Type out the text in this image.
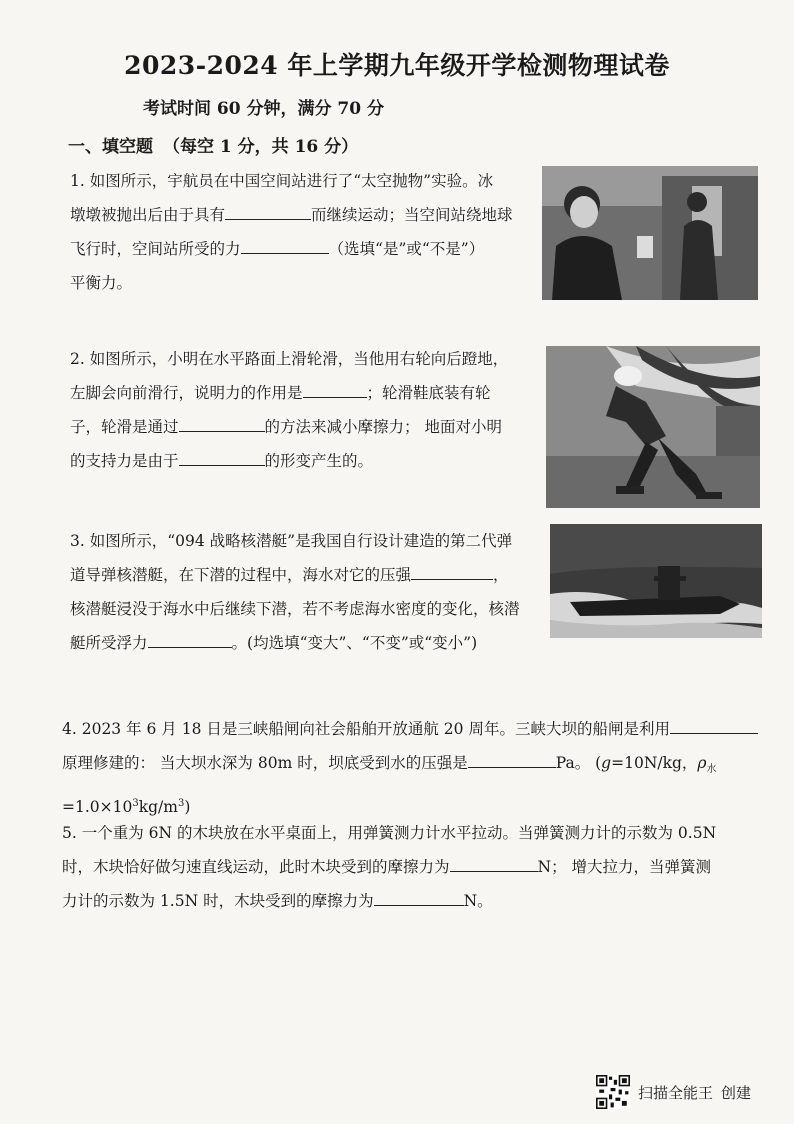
2023-2024 年上学期九年级开学检测物理试卷
考试时间 60 分钟，满分 70 分
一、填空题 （每空 1 分，共 16 分）
1. 如图所示，宇航员在中国空间站进行了“太空抛物”实验。冰
墩墩被抛出后由于具有	而继续运动；当空间站绕地球
飞行时，空间站所受的力	（选填“是”或“不是”）
平衡力。
2. 如图所示，小明在水平路面上滑轮滑，当他用右轮向后蹬地，
左脚会向前滑行，说明力的作用是	；轮滑鞋底装有轮
子，轮滑是通过	的方法来减小摩擦力； 地面对小明
的支持力是由于	的形变产生的。
3. 如图所示，“094 战略核潜艇”是我国自行设计建造的第二代弹
道导弹核潜艇，在下潜的过程中，海水对它的压强	，
核潜艇浸没于海水中后继续下潜，若不考虑海水密度的变化，核潜
艇所受浮力	。(均选填“变大”、“不变”或“变小”)
4. 2023 年 6 月 18 日是三峡船闸向社会船舶开放通航 20 周年。三峡大坝的船闸是利用
原理修建的： 当大坝水深为 80m 时，坝底受到水的压强是	Pa。 (g=10N/kg，$\rho_水$
$=1.0\times 10^3kg/m^3$)
5. 一个重为 6N 的木块放在水平桌面上，用弹簧测力计水平拉动。当弹簧测力计的示数为 0.5N
时，木块恰好做匀速直线运动，此时木块受到的摩擦力为	N； 增大拉力，当弹簧测
力计的示数为 1.5N 时，木块受到的摩擦力为	N。
扫描全能王 创建
